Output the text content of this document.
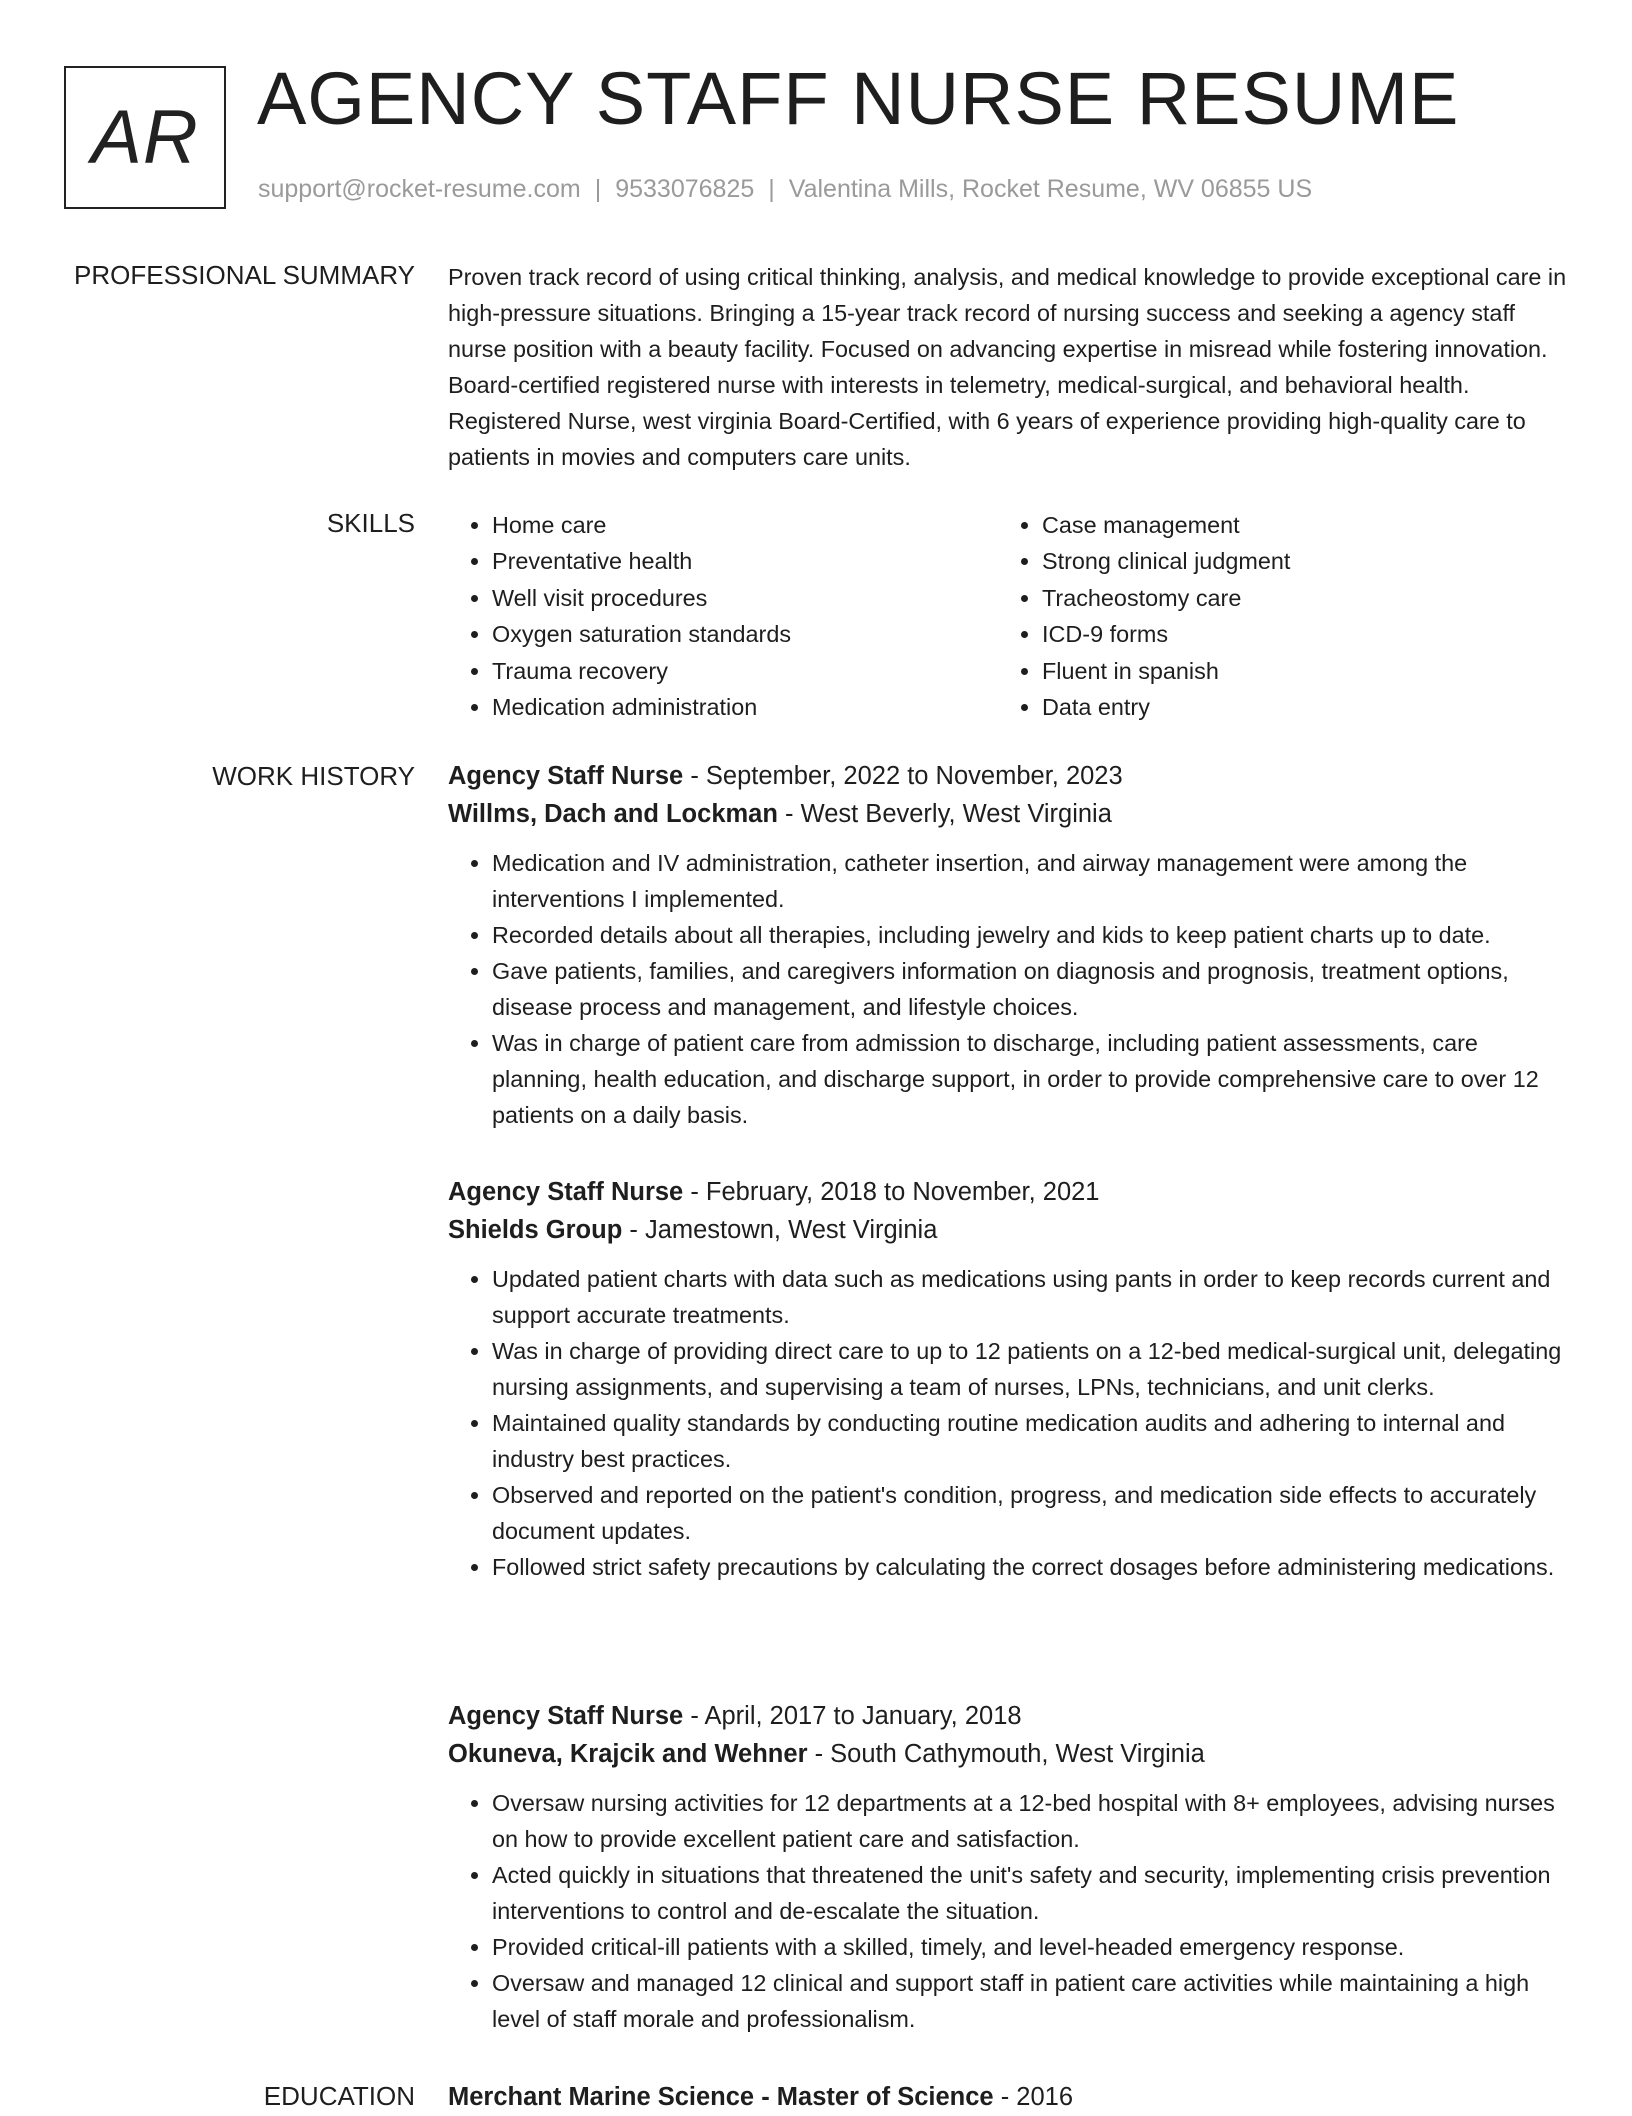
AR AGENCY STAFF NURSE RESUME
support@rocket-resume.com | 9533076825 | Valentina Mills, Rocket Resume, WV 06855 US
PROFESSIONAL SUMMARY Proven track record of using critical thinking, analysis, and medical knowledge to provide exceptional care in high-pressure situations. Bringing a 15-year track record of nursing success and seeking a agency staff nurse position with a beauty facility. Focused on advancing expertise in misread while fostering innovation. Board-certified registered nurse with interests in telemetry, medical-surgical, and behavioral health. Registered Nurse, west virginia Board-Certified, with 6 years of experience providing high-quality care to patients in movies and computers care units.

SKILLS
•	Home care
• Preventative health
• Well visit procedures
• Oxygen saturation standards
• Trauma recovery
• Medication administration
• Case management
• Strong clinical judgment
• Tracheostomy care
• ICD-9 forms
• Fluent in spanish
• Data entry
WORK HISTORY Agency Staff Nurse - September, 2022 to November, 2023
Willms, Dach and Lockman - West Beverly, West Virginia
• Medication and IV administration, catheter insertion, and airway management were among the interventions I implemented.
• Recorded details about all therapies, including jewelry and kids to keep patient charts up to date.
• Gave patients, families, and caregivers information on diagnosis and prognosis, treatment options, disease process and management, and lifestyle choices.
• Was in charge of patient care from admission to discharge, including patient assessments, care planning, health education, and discharge support, in order to provide comprehensive care to over 12 patients on a daily basis.
Agency Staff Nurse - February, 2018 to November, 2021
Shields Group - Jamestown, West Virginia
• Updated patient charts with data such as medications using pants in order to keep records current and support accurate treatments.
• Was in charge of providing direct care to up to 12 patients on a 12-bed medical-surgical unit, delegating nursing assignments, and supervising a team of nurses, LPNs, technicians, and unit clerks.
• Maintained quality standards by conducting routine medication audits and adhering to internal and industry best practices.
• Observed and reported on the patient's condition, progress, and medication side effects to accurately document updates.
• Followed strict safety precautions by calculating the correct dosages before administering medications.
Agency Staff Nurse - April, 2017 to January, 2018
Okuneva, Krajcik and Wehner - South Cathymouth, West Virginia
• Oversaw nursing activities for 12 departments at a 12-bed hospital with 8+ employees, advising nurses on how to provide excellent patient care and satisfaction.
• Acted quickly in situations that threatened the unit's safety and security, implementing crisis prevention interventions to control and de-escalate the situation.
• Provided critical-ill patients with a skilled, timely, and level-headed emergency response.
• Oversaw and managed 12 clinical and support staff in patient care activities while maintaining a high level of staff morale and professionalism.
EDUCATION Merchant Marine Science - Master of Science - 2016
